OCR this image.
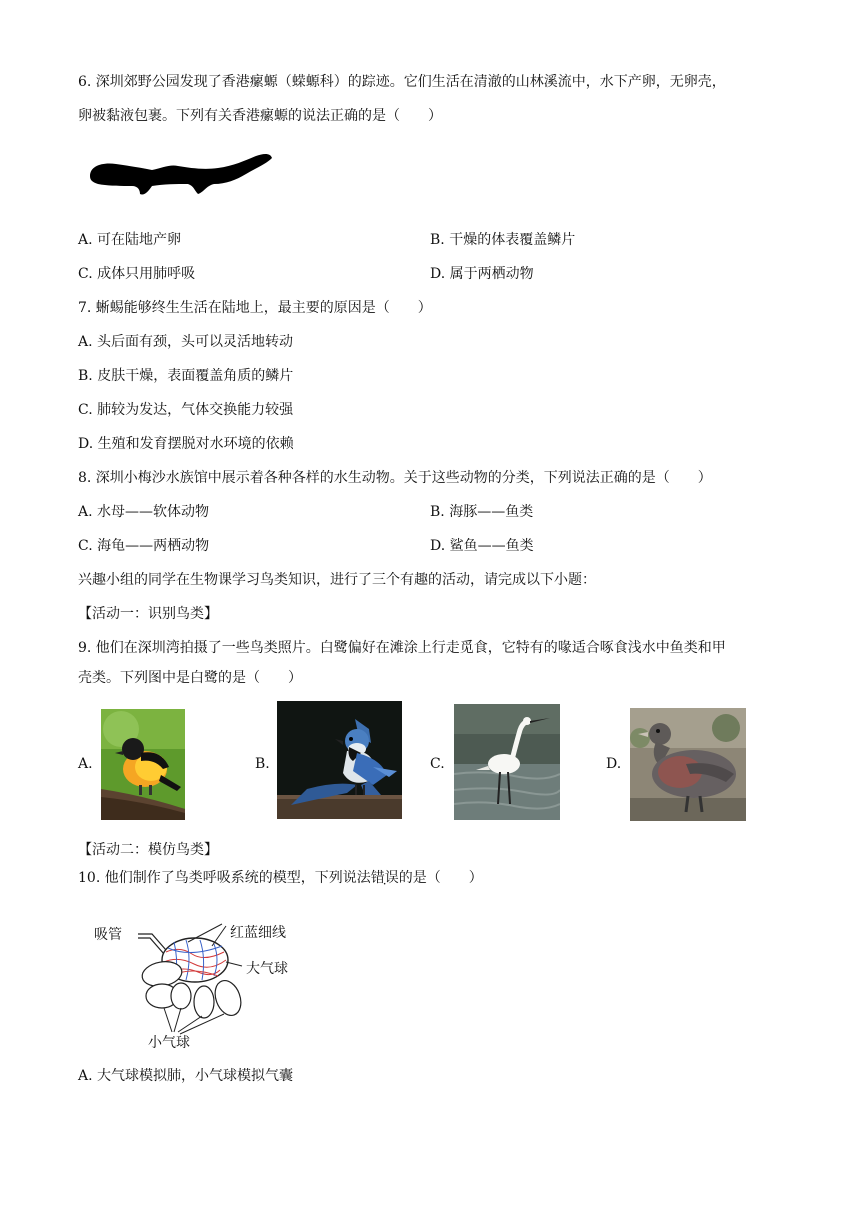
6. 深圳郊野公园发现了香港瘰螈（蝾螈科）的踪迹。它们生活在清澈的山林溪流中，水下产卵，无卵壳，
卵被黏液包裹。下列有关香港瘰螈的说法正确的是（　　）
A. 可在陆地产卵	B. 干燥的体表覆盖鳞片
C. 成体只用肺呼吸	D. 属于两栖动物
7. 蜥蜴能够终生生活在陆地上，最主要的原因是（　　）
A. 头后面有颈，头可以灵活地转动
B. 皮肤干燥，表面覆盖角质的鳞片
C. 肺较为发达，气体交换能力较强
D. 生殖和发育摆脱对水环境的依赖
8. 深圳小梅沙水族馆中展示着各种各样的水生动物。关于这些动物的分类，下列说法正确的是（　　）
A. 水母——软体动物	B. 海豚——鱼类
C. 海龟——两栖动物	D. 鲨鱼——鱼类
兴趣小组的同学在生物课学习鸟类知识，进行了三个有趣的活动，请完成以下小题：
【活动一：识别鸟类】
9. 他们在深圳湾拍摄了一些鸟类照片。白鹭偏好在滩涂上行走觅食，它特有的喙适合啄食浅水中鱼类和甲
壳类。下列图中是白鹭的是（　　）
A.	B.	C.	D.
【活动二：模仿鸟类】
10. 他们制作了鸟类呼吸系统的模型，下列说法错误的是（　　）
吸管	红蓝细线
大气球
小气球
A. 大气球模拟肺，小气球模拟气囊
